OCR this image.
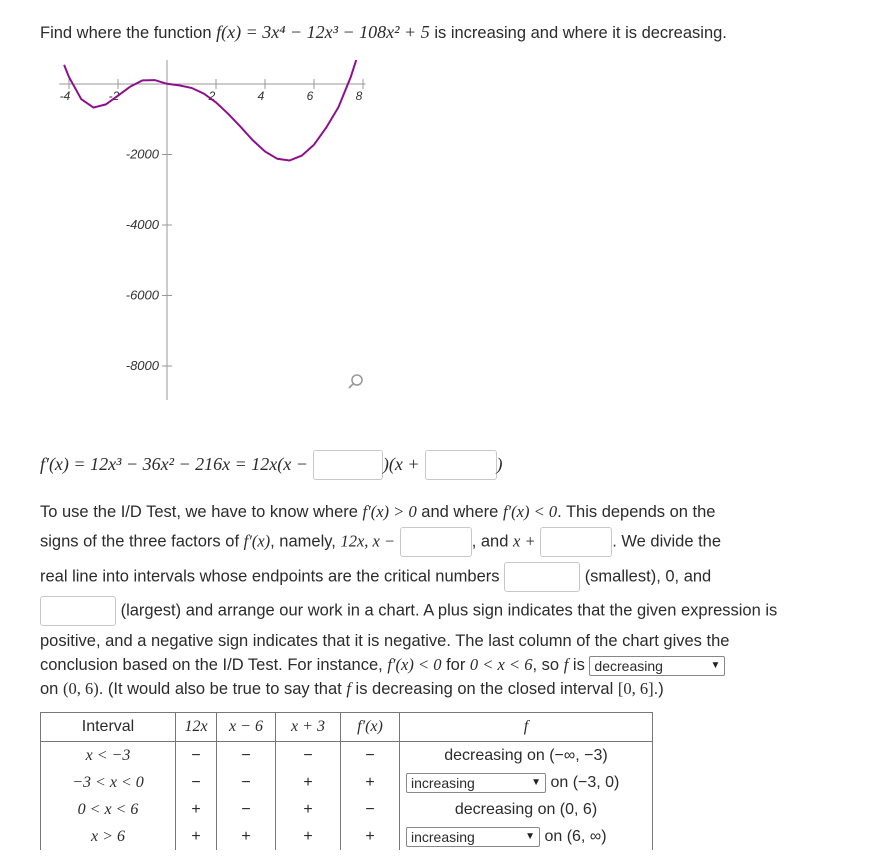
Find where the function f(x) = 3x⁴ − 12x³ − 108x² + 5 is increasing and where it is decreasing.
-4	-2	2	4	6	8
-2000
-4000
-6000
-8000
f′(x) = 12x³ − 36x² − 216x = 12x(x −	)(x +	)
To use the I/D Test, we have to know where f′(x) > 0 and where f′(x) < 0. This depends on the
signs of the three factors of f′(x), namely, 12x, x −	, and x +	. We divide the
real line into intervals whose endpoints are the critical numbers	(smallest), 0, and
(largest) and arrange our work in a chart. A plus sign indicates that the given expression is
positive, and a negative sign indicates that it is negative. The last column of the chart gives the
conclusion based on the I/D Test. For instance, f′(x) < 0 for 0 < x < 6, so f is decreasing	▼
on (0, 6). (It would also be true to say that f is decreasing on the closed interval [0, 6].)
Interval	12x	x − 6	x + 3	f′(x)	f
x < −3	−	−	−	−	decreasing on (−∞, −3)
−3 < x < 0	−	−	+	+	increasing ▼ on (−3, 0)
0 < x < 6	+	−	+	−	decreasing on (0, 6)
x > 6	+	+	+	+	increasing ▼ on (6, ∞)
